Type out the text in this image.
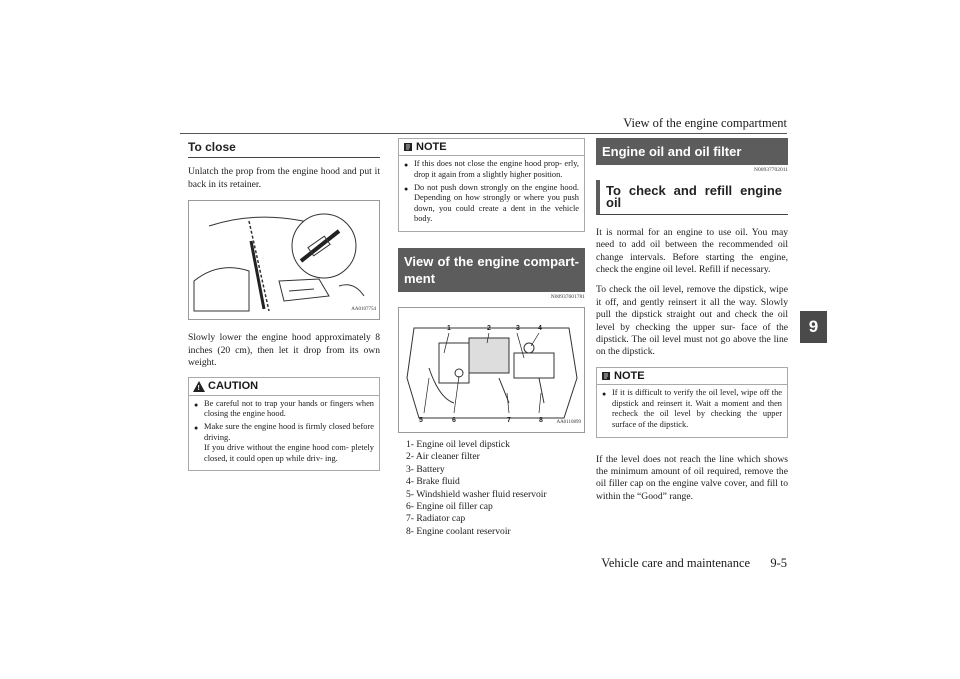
View of the engine compartment
9
To close

Unlatch the prop from the engine hood and put it back in its retainer.

AA0107754

Slowly lower the engine hood approximately 8 inches (20 cm), then let it drop from its own weight.

!
CAUTION
● Be careful not to trap your hands or fingers when closing the engine hood.
● Make sure the engine hood is firmly closed before driving.
If you drive without the engine hood com- pletely closed, it could open up while driv- ing.
NOTE
● If this does not close the engine hood prop- erly, drop it again from a slightly higher position.
● Do not push down strongly on the engine hood. Depending on how strongly or where you push down, you could create a dent in the vehicle body.
View of the engine compart- ment
N00937601781
1	2	3	4
5	6	7	8	AA0110899
1- Engine oil level dipstick
2- Air cleaner filter
3- Battery
4- Brake fluid
5- Windshield washer fluid reservoir
6- Engine oil filler cap
7- Radiator cap
8- Engine coolant reservoir
Engine oil and oil filter
N00937702011
To check and refill engine oil

It is normal for an engine to use oil. You may need to add oil between the recommended oil change intervals. Before starting the engine, check the engine oil level. Refill if necessary.

To check the oil level, remove the dipstick, wipe it off, and gently reinsert it all the way. Slowly pull the dipstick straight out and check the oil level by checking the upper sur- face of the dipstick. The oil level must not go above the line on the dipstick.

NOTE
● If it is difficult to verify the oil level, wipe off the dipstick and reinsert it. Wait a moment and then recheck the oil level by checking the upper surface of the dipstick.

If the level does not reach the line which shows the minimum amount of oil required, remove the oil filler cap on the engine valve cover, and fill to within the “Good” range.

Vehicle care and maintenance 9-5
